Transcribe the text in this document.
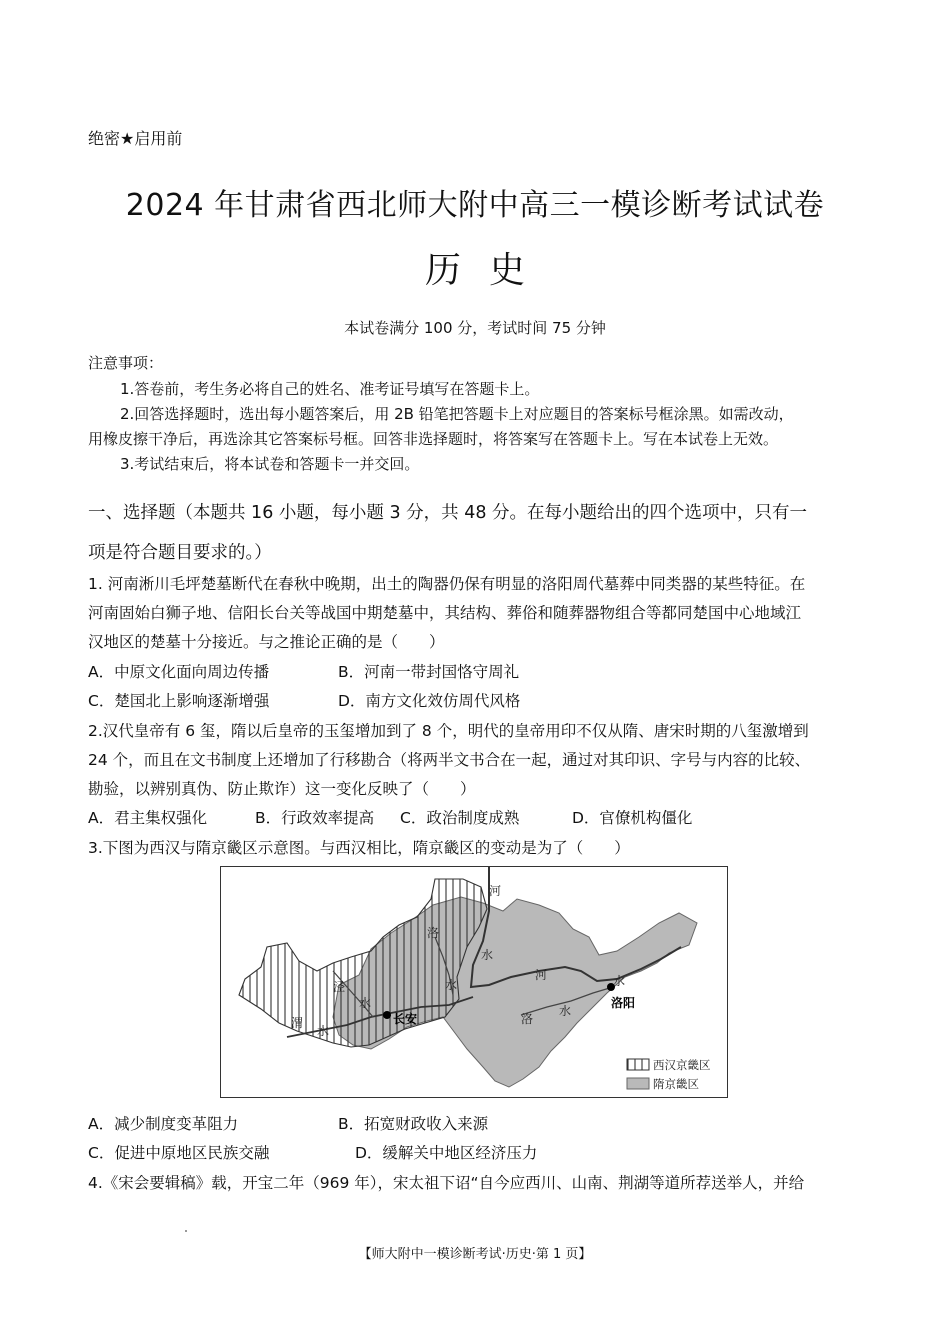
绝密★启用前
2024 年甘肃省西北师大附中高三一模诊断考试试卷
历史
本试卷满分 100 分，考试时间 75 分钟
注意事项：
1.答卷前，考生务必将自己的姓名、准考证号填写在答题卡上。
2.回答选择题时，选出每小题答案后，用 2B 铅笔把答题卡上对应题目的答案标号框涂黑。如需改动，
用橡皮擦干净后，再选涂其它答案标号框。回答非选择题时，将答案写在答题卡上。写在本试卷上无效。
3.考试结束后，将本试卷和答题卡一并交回。
一、选择题（本题共 16 小题，每小题 3 分，共 48 分。在每小题给出的四个选项中，只有一
项是符合题目要求的。）
1. 河南淅川毛坪楚墓断代在春秋中晚期，出土的陶器仍保有明显的洛阳周代墓葬中同类器的某些特征。在
河南固始白狮子地、信阳长台关等战国中期楚墓中，其结构、葬俗和随葬器物组合等都同楚国中心地域江
汉地区的楚墓十分接近。与之推论正确的是（　　）
A．中原文化面向周边传播	B．河南一带封国恪守周礼
C．楚国北上影响逐渐增强	D．南方文化效仿周代风格
2.汉代皇帝有 6 玺，隋以后皇帝的玉玺增加到了 8 个，明代的皇帝用印不仅从隋、唐宋时期的八玺激增到
24 个，而且在文书制度上还增加了行移勘合（将两半文书合在一起，通过对其印识、字号与内容的比较、
勘验，以辨别真伪、防止欺诈）这一变化反映了（　　）
A．君主集权强化	B．行政效率提高 C．政治制度成熟	D．官僚机构僵化
3.下图为西汉与隋京畿区示意图。与西汉相比，隋京畿区的变动是为了（　　）
河
洛
水
泾
水
渭
水
水
河	水
洛
水
长安
洛阳
西汉京畿区
隋京畿区
A．减少制度变革阻力	B．拓宽财政收入来源
C．促进中原地区民族交融	D．缓解关中地区经济压力
4.《宋会要辑稿》载，开宝二年（969 年），宋太祖下诏“自今应西川、山南、荆湖等道所荐送举人，并给
【师大附中一模诊断考试·历史·第 1 页】
